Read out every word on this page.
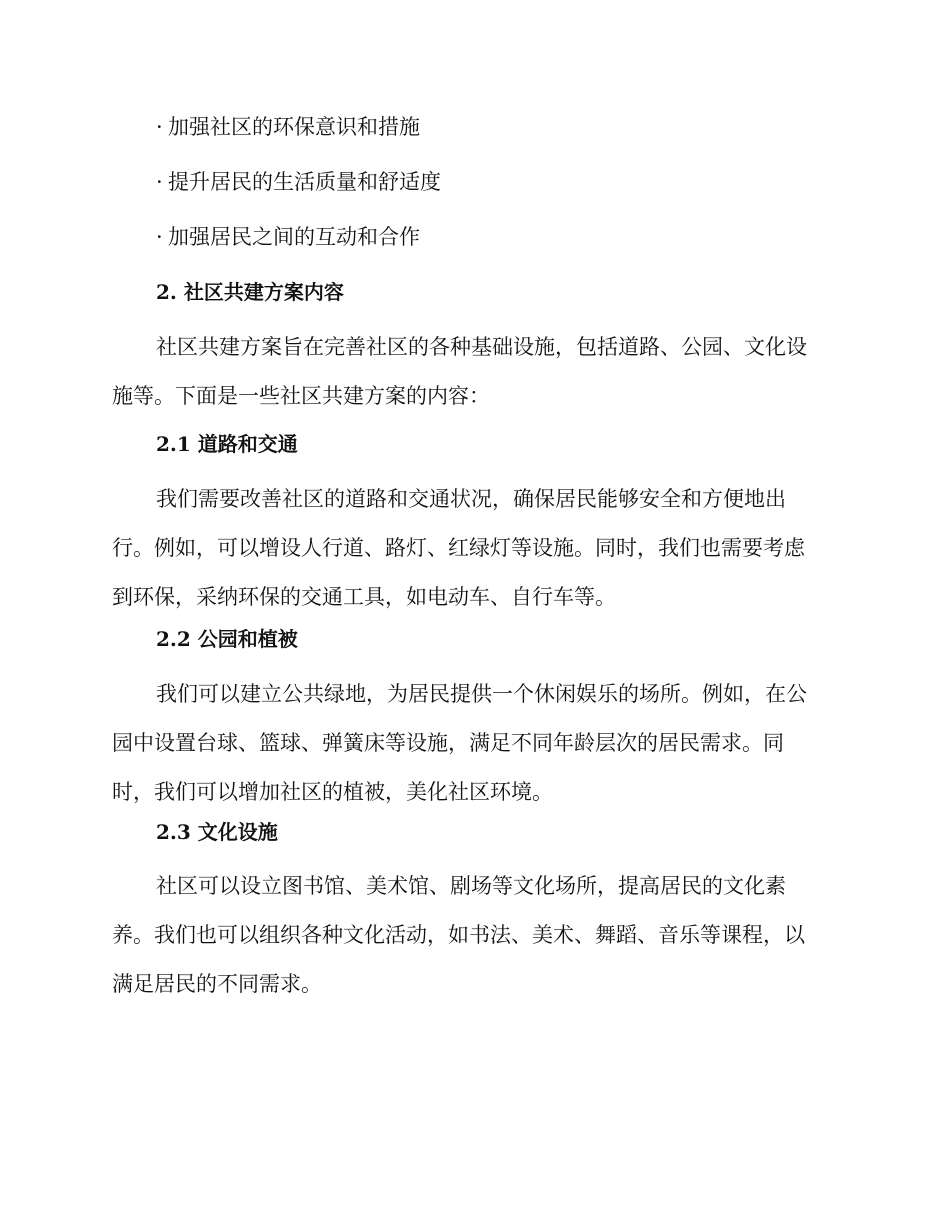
· 加强社区的环保意识和措施
· 提升居民的生活质量和舒适度
· 加强居民之间的互动和合作
2. 社区共建方案内容
社区共建方案旨在完善社区的各种基础设施，包括道路、公园、文化设
施等。下面是一些社区共建方案的内容：
2.1 道路和交通
我们需要改善社区的道路和交通状况，确保居民能够安全和方便地出
行。例如，可以增设人行道、路灯、红绿灯等设施。同时，我们也需要考虑
到环保，采纳环保的交通工具，如电动车、自行车等。
2.2 公园和植被
我们可以建立公共绿地，为居民提供一个休闲娱乐的场所。例如，在公
园中设置台球、篮球、弹簧床等设施，满足不同年龄层次的居民需求。同
时，我们可以增加社区的植被，美化社区环境。
2.3 文化设施
社区可以设立图书馆、美术馆、剧场等文化场所，提高居民的文化素
养。我们也可以组织各种文化活动，如书法、美术、舞蹈、音乐等课程，以
满足居民的不同需求。
